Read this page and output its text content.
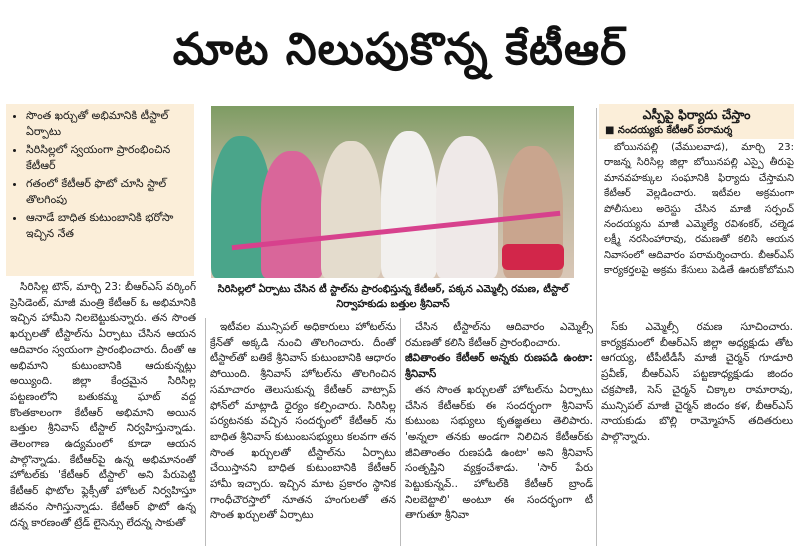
మాట నిలుపుకొన్న కేటీఆర్
• సొంత ఖర్చుతో అభిమానికి టీస్టాల్ ఏర్పాటు
• సిరిసిల్లలో స్వయంగా ప్రారంభించిన కేటీఆర్
• గతంలో కేటీఆర్ ఫొటో చూసి స్టాల్ తొలగింపు
• ఆనాడే బాధిత కుటుంబానికి భరోసా ఇచ్చిన నేత
సిరిసిల్లలో ఏర్పాటు చేసిన టీ స్టాల్‌ను ప్రారంభిస్తున్న కేటీఆర్, పక్కన ఎమ్మెల్సీ రమణ, టీస్టాల్ నిర్వాహకుడు బత్తుల శ్రీనివాస్
ఎస్పీపై ఫిర్యాదు చేస్తాం
■ నందయ్యకు కేటీఆర్ పరామర్శ

బోయినపల్లి (వేములవాడ), మార్చి 23: రాజన్న సిరిసిల్ల జిల్లా బోయినపల్లి ఎస్పై తీరుపై మానవహక్కుల సంఘానికి ఫిర్యాదు చేస్తామని కేటీఆర్ వెల్లడించారు. ఇటీవల అక్రమంగా పోలీసులు అరెస్టు చేసిన మాజీ సర్పంచ్ నందయ్యను మాజీ ఎమ్మెల్యే రవిశంకర్, చల్మెడ లక్ష్మీ నరసింహారావు, రమణతో కలిసి ఆయన నివాసంలో ఆదివారం పరామర్శించారు. బీఆర్ఎస్ కార్యకర్తలపై అక్రమ కేసులు పెడితే ఊరుకోబోమని

సిరిసిల్ల టౌన్, మార్చి 23: బీఆర్ఎస్ వర్కింగ్ ప్రెసిడెంట్, మాజీ మంత్రి కేటీఆర్ ఓ అభిమానికి ఇచ్చిన హామీని నిలబెట్టుకున్నారు. తన సొంత ఖర్చులతో టీస్టాల్‌ను ఏర్పాటు చేసిన ఆయన ఆదివారం స్వయంగా ప్రారంభించారు. దీంతో ఆ అభిమాని కుటుంబానికి ఆదుకున్నట్లు అయ్యింది. జిల్లా కేంద్రమైన సిరిసిల్ల పట్టణంలోని బతుకమ్మ ఘాట్ వద్ద కొంతకాలంగా కేటీఆర్ అభిమాని అయిన బత్తుల శ్రీనివాస్ టీస్టాల్ నిర్వహిస్తున్నాడు. తెలంగాణ ఉద్యమంలో కూడా ఆయన పాల్గొన్నాడు. కేటీఆర్‌పై ఉన్న అభిమానంతో హోటల్‌కు 'కేటీఆర్ టీస్టాల్' అని పేరుపెట్టి కేటీఆర్ ఫొటోల ఫ్లెక్సీతో హోటల్ నిర్వహిస్తూ జీవనం సాగిస్తున్నాడు. కేటీఆర్ ఫొటో ఉన్న దన్న కారణంతో ట్రేడ్ లైసెన్సు లేదన్న సాకుతో

ఇటీవల మున్సిపల్ అధికారులు హోటల్‌ను క్రేన్‌తో అక్కడి నుంచి తొలగించారు. దీంతో టీస్టాల్‌తో బతికే శ్రీనివాస్ కుటుంబానికి ఆధారం పోయింది. శ్రీనివాస్ హోటల్‌ను తొలగించిన సమాచారం తెలుసుకున్న కేటీఆర్ వాట్సాప్ ఫోన్‌లో మాట్లాడి ధైర్యం కల్పించారు. సిరిసిల్ల పర్యటనకు వచ్చిన సందర్భంలో కేటీఆర్ ను బాధిత శ్రీనివాస్ కుటుంబసభ్యులు కలవగా తన సొంత ఖర్చులతో టీస్టాల్‌ను ఏర్పాటు చేయిస్తానని బాధిత కుటుంబానికి కేటీఆర్ హామీ ఇచ్చారు. ఇచ్చిన మాట ప్రకారం స్థానిక గాంధీచౌరస్తాలో నూతన హంగులతో తన సొంత ఖర్చులతో ఏర్పాటు

చేసిన టీస్టాల్‌ను ఆదివారం ఎమ్మెల్సీ రమణతో కలిసి కేటీఆర్ ప్రారంభించారు.

జీవితాంతం కేటీఆర్ అన్నకు రుణపడి ఉంటా: శ్రీనివాస్

తన సొంత ఖర్చులతో హోటల్‌ను ఏర్పాటు చేసిన కేటీఆర్‌కు ఈ సందర్భంగా శ్రీనివాస్ కుటుంబ సభ్యులు కృతజ్ఞతలు తెలిపారు. 'అన్నలా తనకు అండగా నిలిచిన కేటీఆర్‌కు జీవితాంతం రుణపడి ఉంటా' అని శ్రీనివాస్ సంతృప్తిని వ్యక్తంచేశాడు. 'సార్ పేరు పెట్టుకున్నవ్.. హోటల్‌కి కేటీఆర్ బ్రాండ్ నిలబెట్టాలి' అంటూ ఈ సందర్భంగా టీ తాగుతూ శ్రీనివా

స్‌కు ఎమ్మెల్సీ రమణ సూచించారు. కార్యక్రమంలో బీఆర్ఎస్ జిల్లా అధ్యక్షుడు తోట ఆగయ్య, టీపీటీడీసీ మాజీ చైర్మన్ గూడూరి ప్రవీణ్, బీఆర్ఎస్ పట్టణాధ్యక్షుడు జిందం చక్రపాణి, సెస్ చైర్మన్ చిక్కాల రామారావు, మున్సిపల్ మాజీ చైర్మన్ జిందం కళ, బీఆర్ఎస్ నాయకుడు బొల్లి రామ్మోహన్ తదితరులు పాల్గొన్నారు.
